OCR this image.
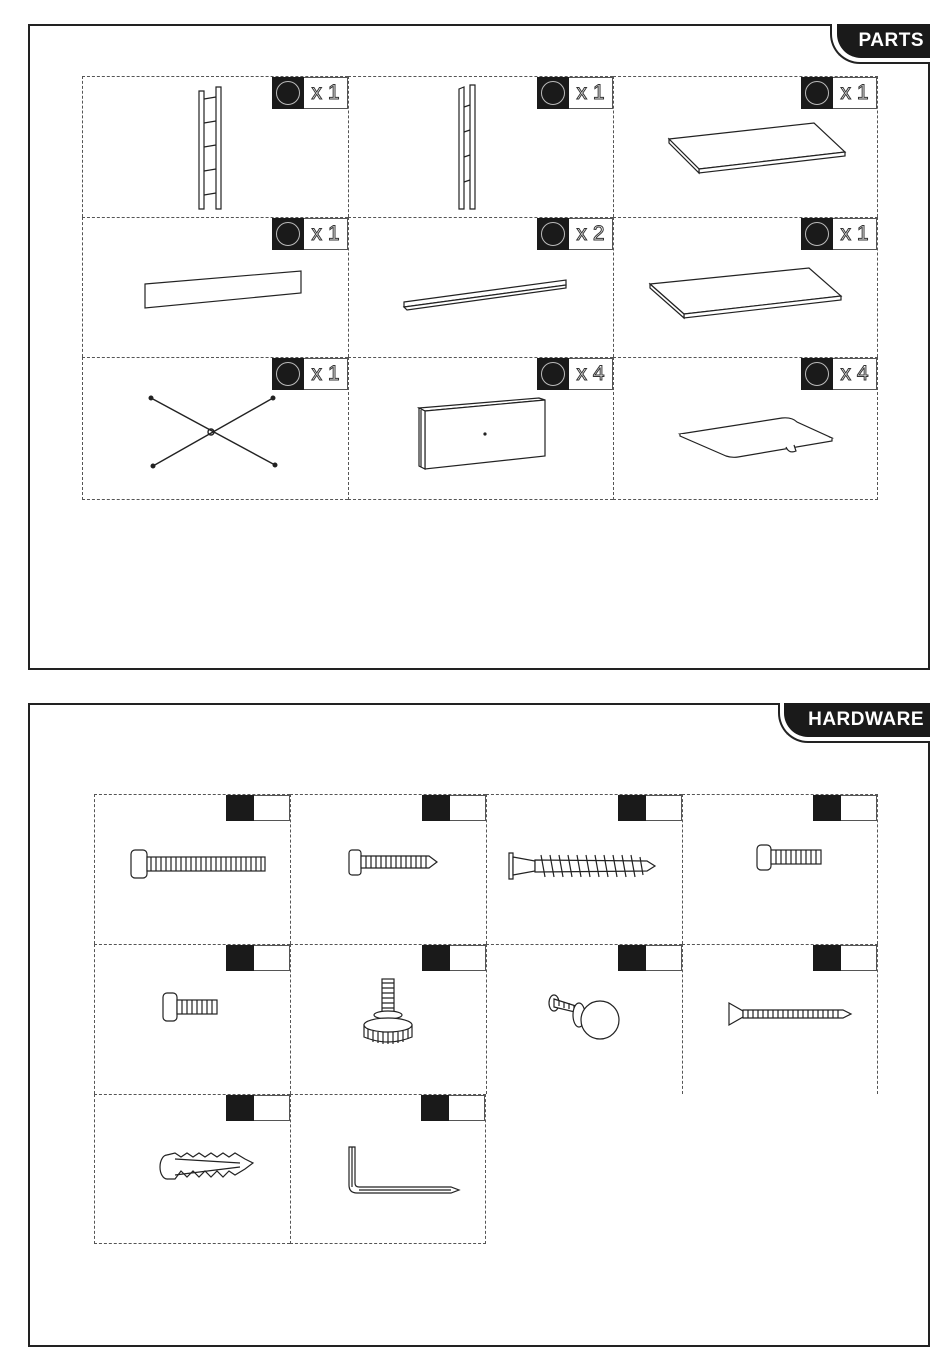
PARTS
x 1	x 1	x 1
x 1	x 2	x 1
x 1	x 4	x 4
HARDWARE
